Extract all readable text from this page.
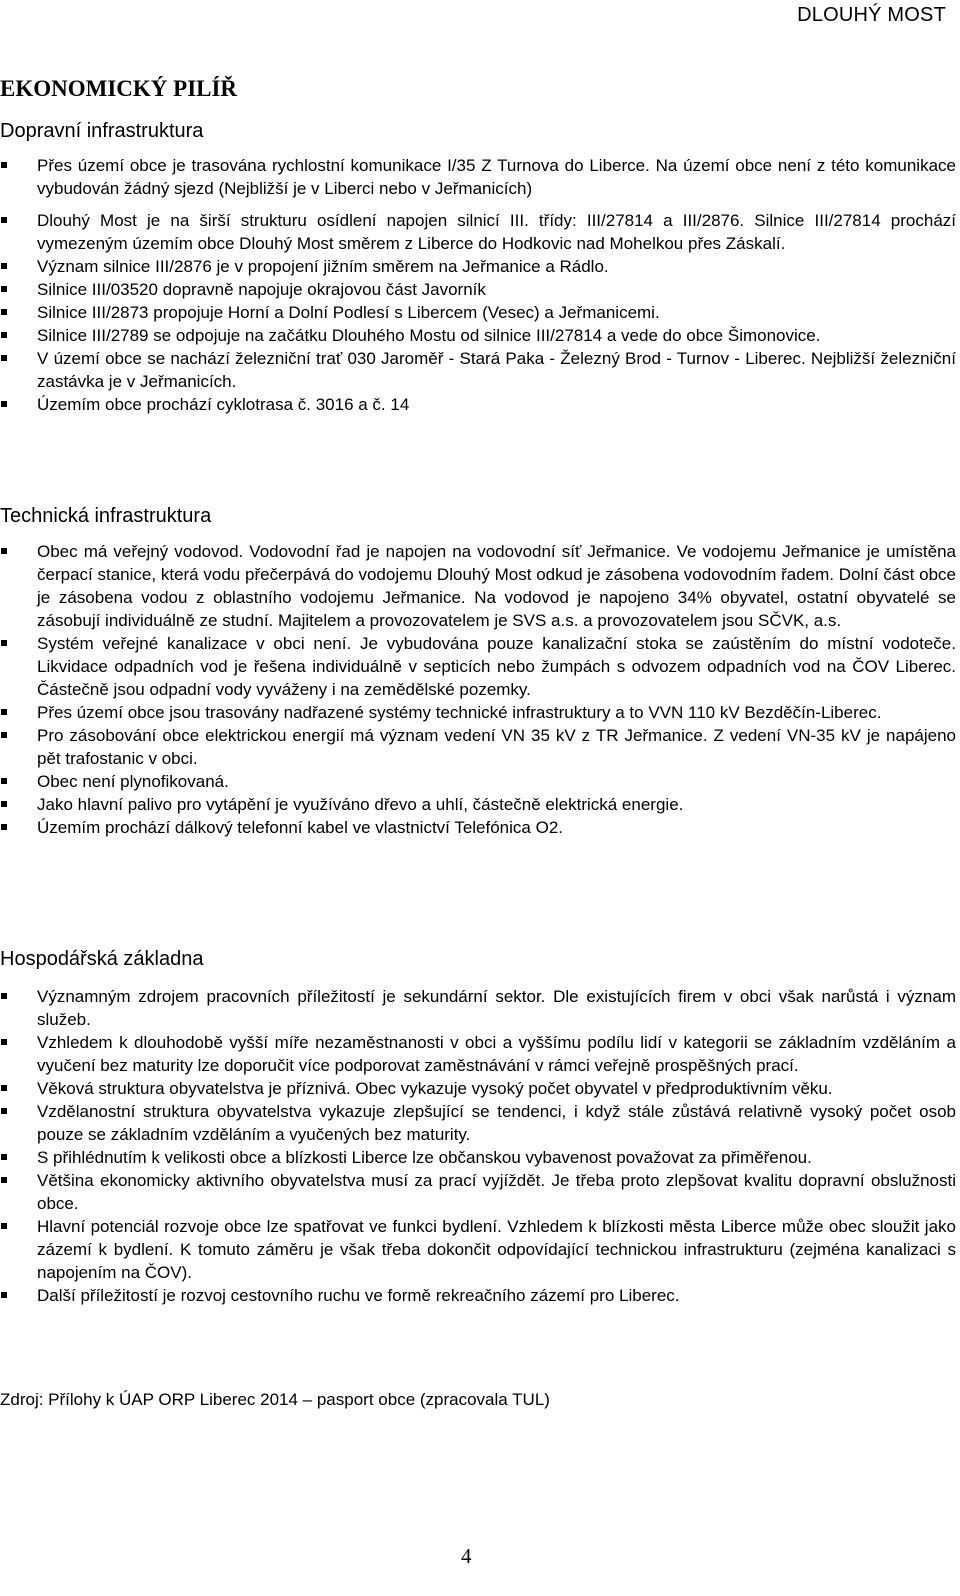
DLOUHÝ MOST
EKONOMICKÝ PILÍŘ
Dopravní infrastruktura
Přes území obce je trasována rychlostní komunikace I/35 Z Turnova do Liberce. Na území obce není z této komunikace vybudován žádný sjezd (Nejbližší je v Liberci nebo v Jeřmanicích)
Dlouhý Most je na širší strukturu osídlení napojen silnicí III. třídy: III/27814 a III/2876. Silnice III/27814 prochází vymezeným územím obce Dlouhý Most směrem z Liberce do Hodkovic nad Mohelkou přes Záskalí.
Význam silnice III/2876 je v propojení jižním směrem na Jeřmanice a Rádlo.
Silnice III/03520 dopravně napojuje okrajovou část Javorník
Silnice III/2873 propojuje Horní a Dolní Podlesí s Libercem (Vesec) a Jeřmanicemi.
Silnice III/2789 se odpojuje na začátku Dlouhého Mostu od silnice III/27814 a vede do obce Šimonovice.
V území obce se nachází železniční trať 030 Jaroměř - Stará Paka - Železný Brod - Turnov - Liberec. Nejbližší železniční zastávka je v Jeřmanicích.
Územím obce prochází cyklotrasa č. 3016 a č. 14
Technická infrastruktura
Obec má veřejný vodovod. Vodovodní řad je napojen na vodovodní síť Jeřmanice. Ve vodojemu Jeřmanice je umístěna čerpací stanice, která vodu přečerpává do vodojemu Dlouhý Most odkud je zásobena vodovodním řadem. Dolní část obce je zásobena vodou z oblastního vodojemu Jeřmanice. Na vodovod je napojeno 34% obyvatel, ostatní obyvatelé se zásobují individuálně ze studní. Majitelem a provozovatelem je SVS a.s. a provozovatelem jsou SČVK, a.s.
Systém veřejné kanalizace v obci není. Je vybudována pouze kanalizační stoka se zaústěním do místní vodoteče. Likvidace odpadních vod je řešena individuálně v septicích nebo žumpách s odvozem odpadních vod na ČOV Liberec. Částečně jsou odpadní vody vyváženy i na zemědělské pozemky.
Přes území obce jsou trasovány nadřazené systémy technické infrastruktury a to VVN 110 kV Bezděčín-Liberec.
Pro zásobování obce elektrickou energií má význam vedení VN 35 kV z TR Jeřmanice. Z vedení VN-35 kV je napájeno pět trafostanic v obci.
Obec není plynofikovaná.
Jako hlavní palivo pro vytápění je využíváno dřevo a uhlí, částečně elektrická energie.
Územím prochází dálkový telefonní kabel ve vlastnictví Telefónica O2.
Hospodářská základna
Významným zdrojem pracovních příležitostí je sekundární sektor. Dle existujících firem v obci však narůstá i význam služeb.
Vzhledem k dlouhodobě vyšší míře nezaměstnanosti v obci a vyššímu podílu lidí v kategorii se základním vzděláním a vyučení bez maturity lze doporučit více podporovat zaměstnávání v rámci veřejně prospěšných prací.
Věková struktura obyvatelstva je příznivá. Obec vykazuje vysoký počet obyvatel v předproduktivním věku.
Vzdělanostní struktura obyvatelstva vykazuje zlepšující se tendenci, i když stále zůstává relativně vysoký počet osob pouze se základním vzděláním a vyučených bez maturity.
S přihlédnutím k velikosti obce a blízkosti Liberce lze občanskou vybavenost považovat za přiměřenou.
Většina ekonomicky aktivního obyvatelstva musí za prací vyjíždět. Je třeba proto zlepšovat kvalitu dopravní obslužnosti obce.
Hlavní potenciál rozvoje obce lze spatřovat ve funkci bydlení. Vzhledem k blízkosti města Liberce může obec sloužit jako zázemí k bydlení. K tomuto záměru je však třeba dokončit odpovídající technickou infrastrukturu (zejména kanalizaci s napojením na ČOV).
Další příležitostí je rozvoj cestovního ruchu ve formě rekreačního zázemí pro Liberec.
Zdroj: Přílohy k ÚAP ORP Liberec 2014 – pasport obce (zpracovala TUL)
4
